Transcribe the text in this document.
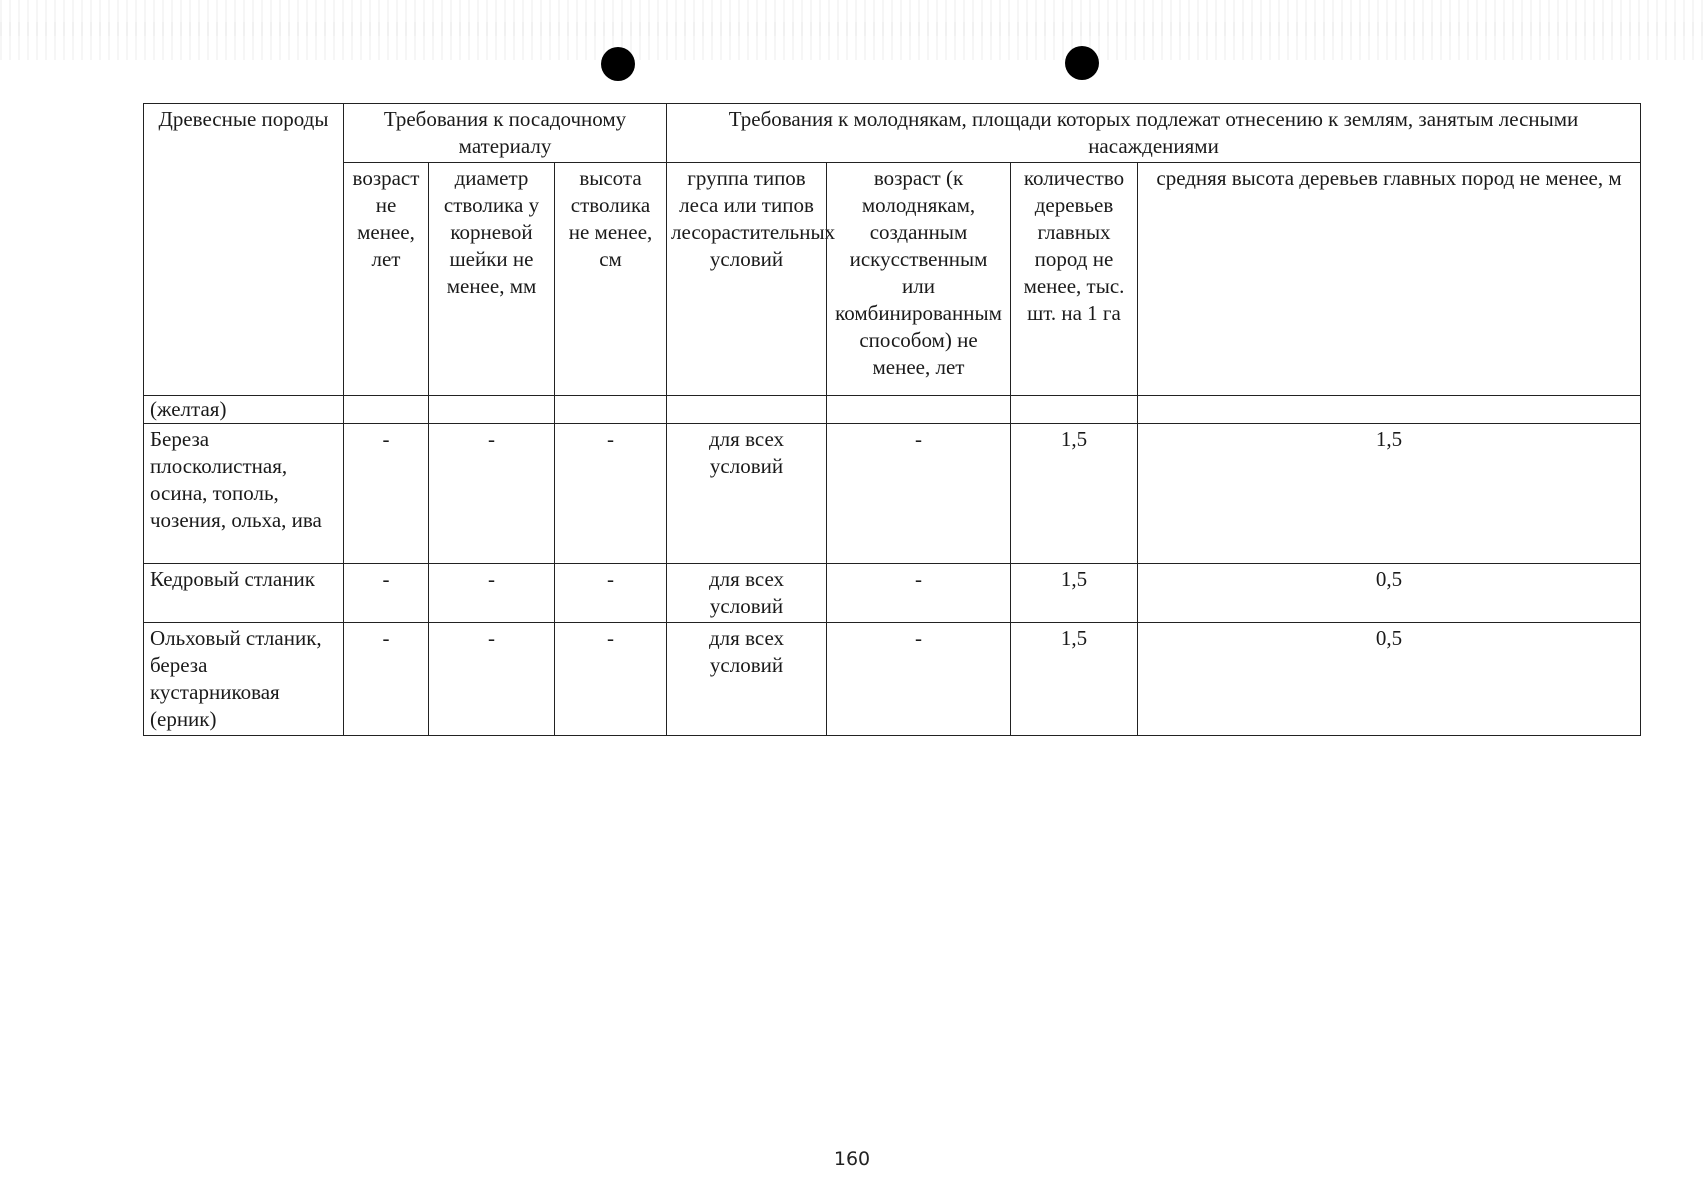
Древесные породы	Требования к посадочному материалу			Требования к молоднякам, площади которых подлежат отнесению к землям, занятым лесными насаждениями			
	возраст не менее, лет	диаметр стволика у корневой шейки не менее, мм	высота стволика не менее, см	группа типов леса или типов лесорастительных условий	возраст (к молоднякам, созданным искусственным или комбинированным способом) не менее, лет	количество деревьев главных пород не менее, тыс. шт. на 1 га	средняя высота деревьев главных пород не менее, м
(желтая)							
Береза плосколистная, осина, тополь, чозения, ольха, ива	-	-	-	для всех условий	-	1,5	1,5
Кедровый стланик	-	-	-	для всех условий	-	1,5	0,5
Ольховый стланик, береза кустарниковая (ерник)	-	-	-	для всех условий	-	1,5	0,5
160
